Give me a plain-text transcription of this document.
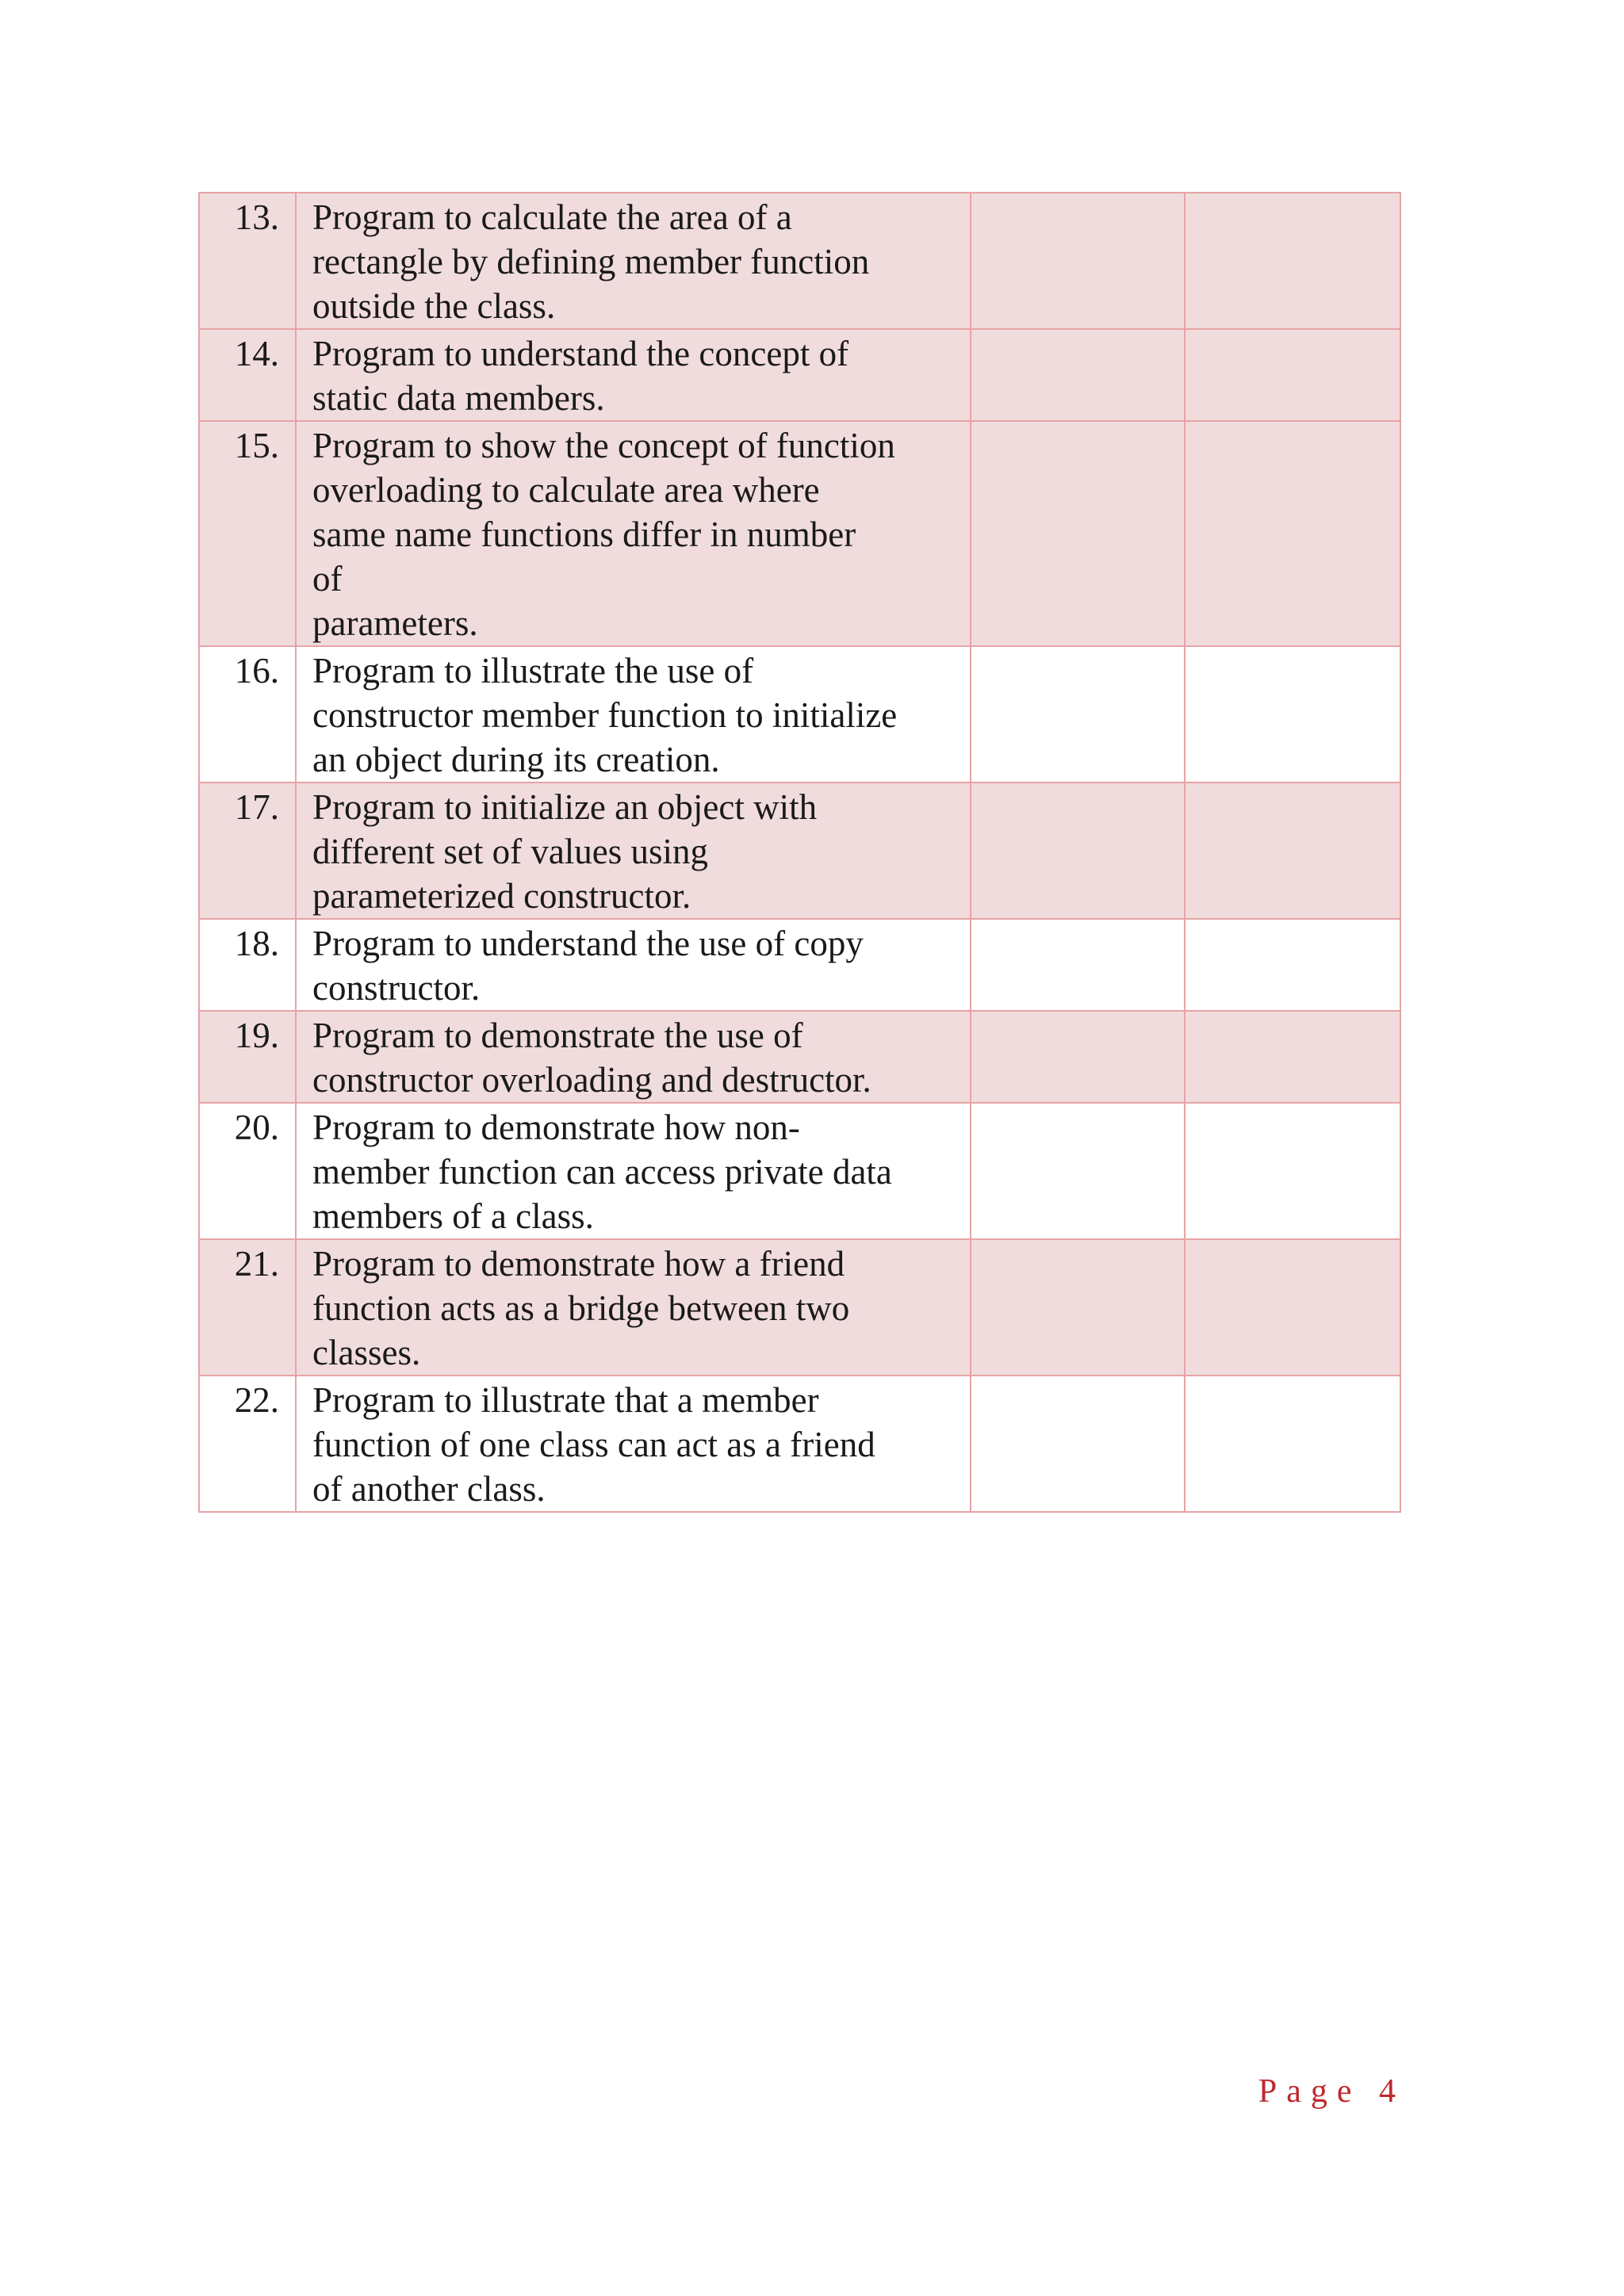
13.	Program to calculate the area of a
rectangle by defining member function
outside the class.		
14.	Program to understand the concept of
static data members.		
15.	Program to show the concept of function
overloading to calculate area where
same name functions differ in number
of
parameters.		
16.	Program to illustrate the use of
constructor member function to initialize
an object during its creation.		
17.	Program to initialize an object with
different set of values using
parameterized constructor.		
18.	Program to understand the use of copy
constructor.		
19.	Program to demonstrate the use of
constructor overloading and destructor.		
20.	Program to demonstrate how non-
member function can access private data
members of a class.		
21.	Program to demonstrate how a friend
function acts as a bridge between two
classes.		
22.	Program to illustrate that a member
function of one class can act as a friend
of another class.		
Page 4
